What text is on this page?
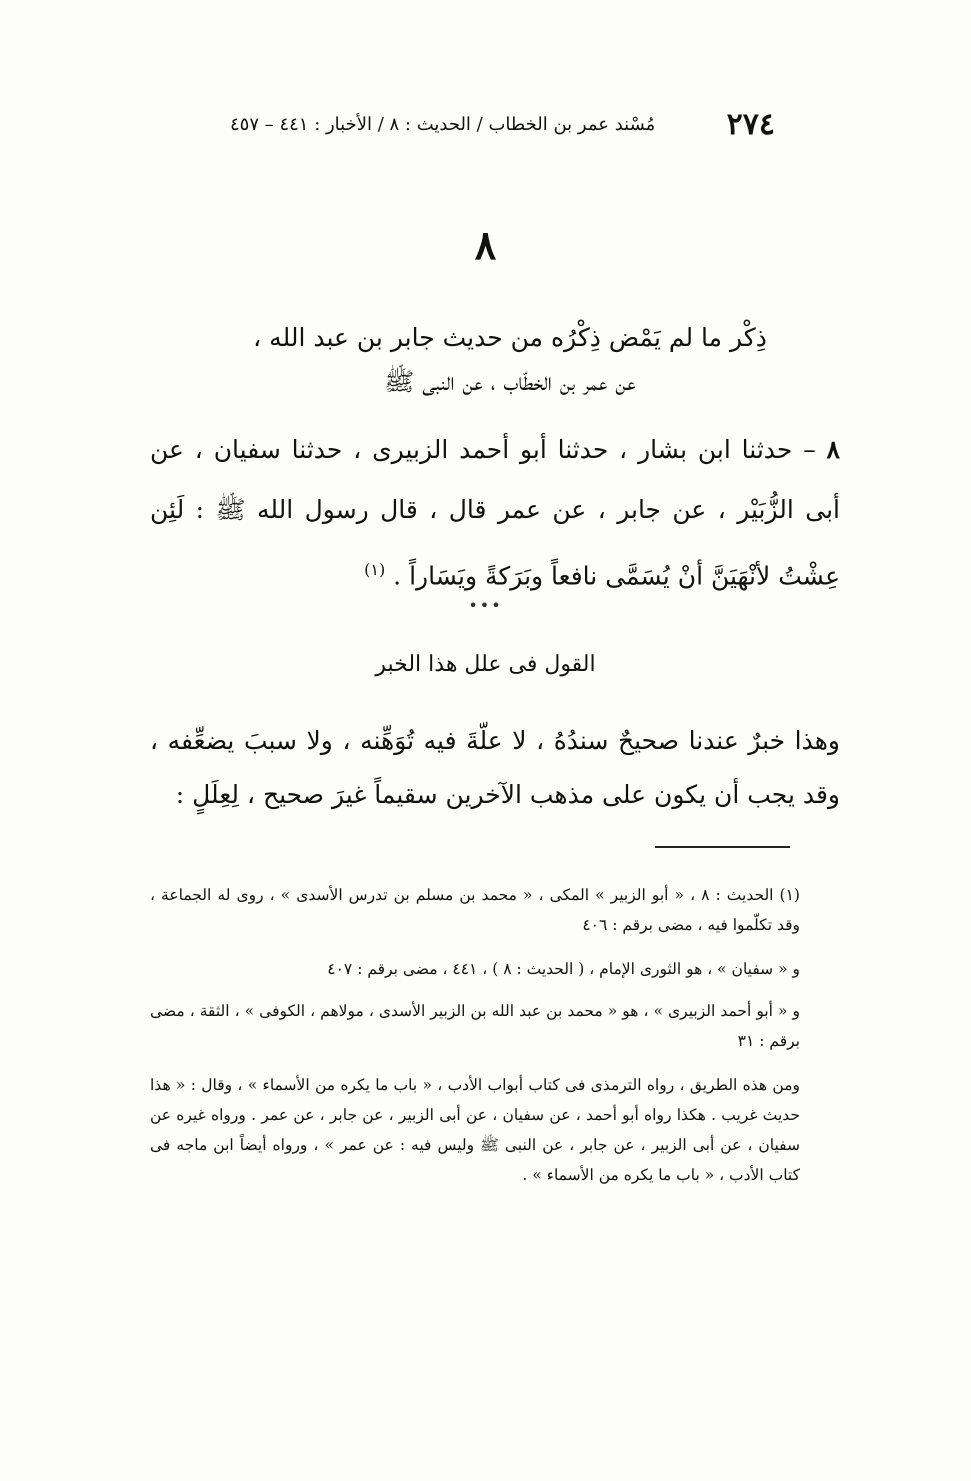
٢٧٤
مُسْند عمر بن الخطاب / الحديث : ٨ / الأخبار : ٤٤١ – ٤٥٧
٨
ذِكْر ما لم يَمْض ذِكْرُه من حديث جابر بن عبد الله ،
عن عمر بن الخطّاب ، عن النبى ﷺ
٨ – حدثنا ابن بشار ، حدثنا أبو أحمد الزبيرى ، حدثنا سفيان ، عن أبى الزُّبَيْر ، عن جابر ، عن عمر قال ، قال رسول الله ﷺ : لَئِن عِشْتُ لأنْهَيَنَّ أنْ يُسَمَّى نافعاً وبَرَكةً ويَسَاراً . $^{(١)}$
•••
القول فى علل هذا الخبر
وهذا خبرٌ عندنا صحيحٌ سندُهُ ، لا علّةَ فيه تُوَهِّنه ، ولا سببَ يضعِّفه ، وقد يجب أن يكون على مذهب الآخرين سقيماً غيرَ صحيح ، لِعِلَلٍ :

(١) الحديث : ٨ ، « أبو الزبير » المكى ، « محمد بن مسلم بن تدرس الأسدى » ، روى له الجماعة ، وقد تكلّموا فيه ، مضى برقم : ٤٠٦

و « سفيان » ، هو الثورى الإمام ، ( الحديث : ٨ ) ، ٤٤١ ، مضى برقم : ٤٠٧

و « أبو أحمد الزبيرى » ، هو « محمد بن عبد الله بن الزبير الأسدى ، مولاهم ، الكوفى » ، الثقة ، مضى برقم : ٣١

ومن هذه الطريق ، رواه الترمذى فى كتاب أبواب الأدب ، « باب ما يكره من الأسماء » ، وقال : « هذا حديث غريب . هكذا رواه أبو أحمد ، عن سفيان ، عن أبى الزبير ، عن جابر ، عن عمر . ورواه غيره عن سفيان ، عن أبى الزبير ، عن جابر ، عن النبى ﷺ وليس فيه : عن عمر » ، ورواه أيضاً ابن ماجه فى كتاب الأدب ، « باب ما يكره من الأسماء » .
